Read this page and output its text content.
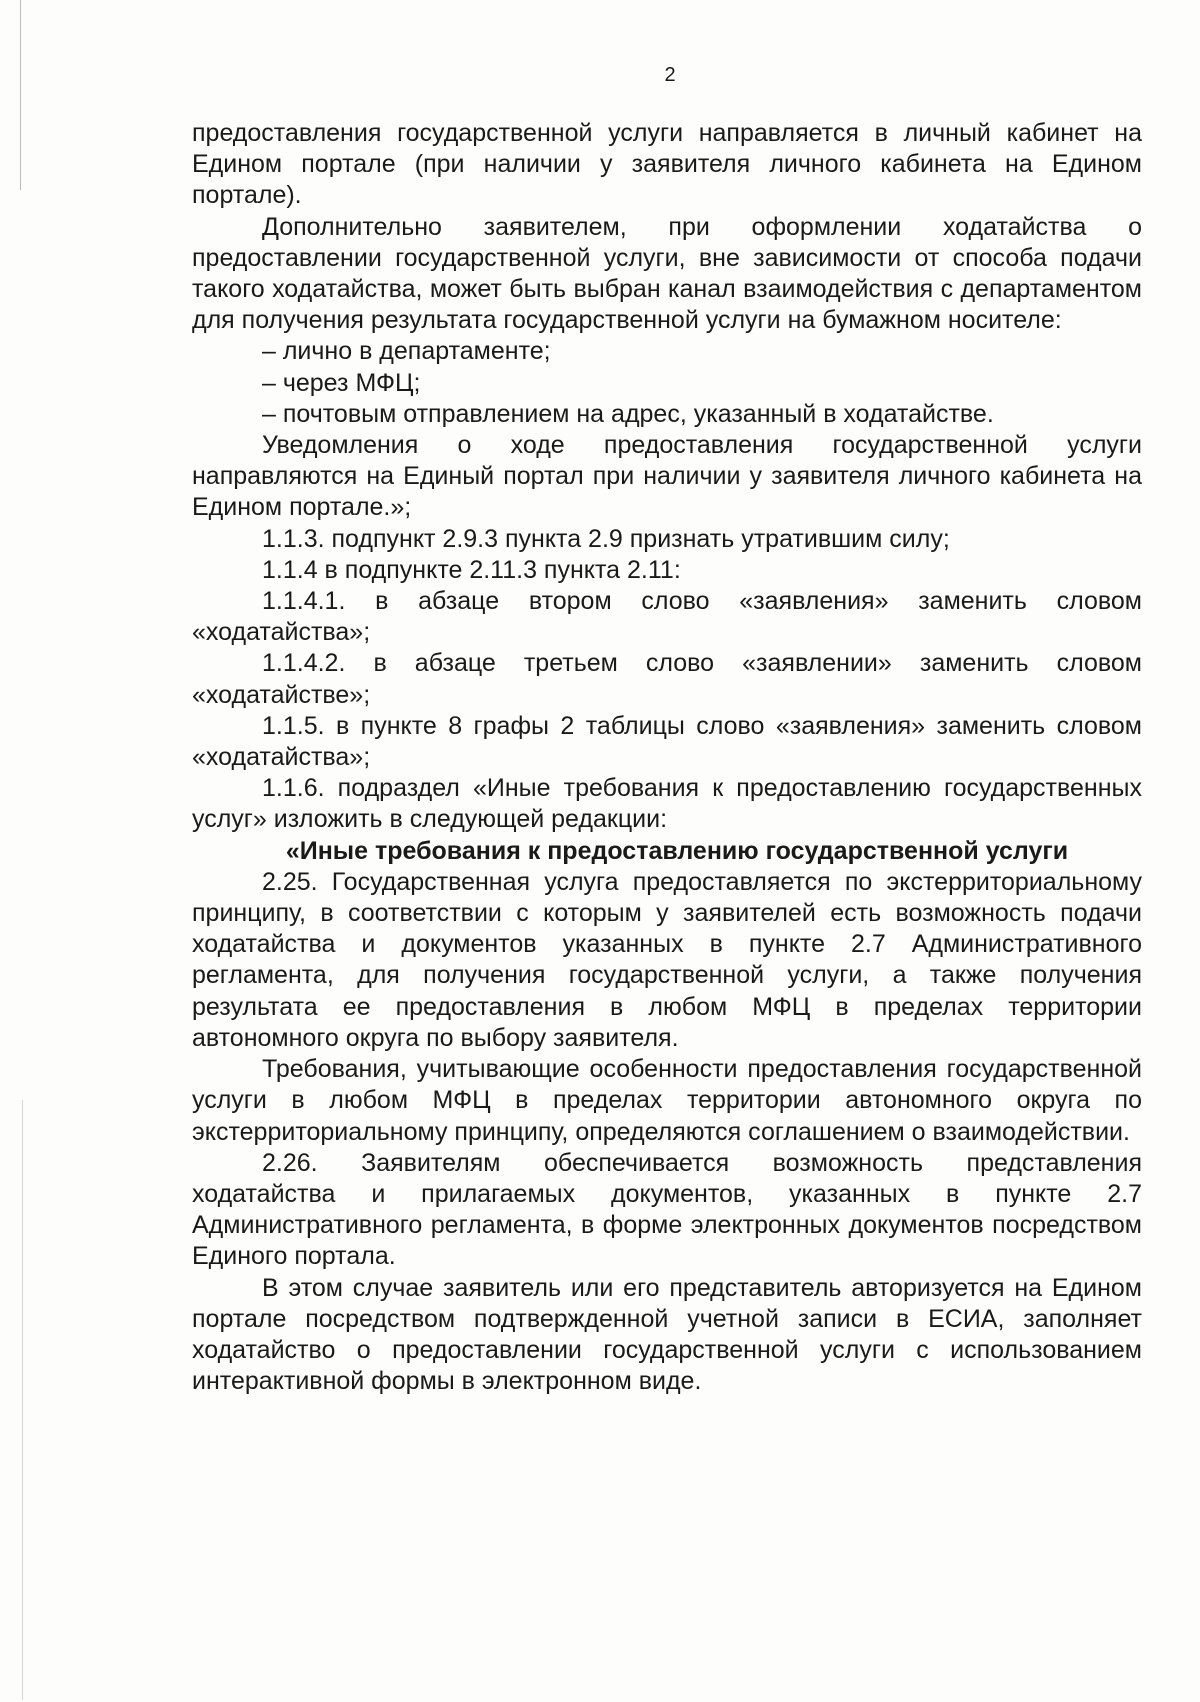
2

предоставления государственной услуги направляется в личный кабинет на Едином портале (при наличии у заявителя личного кабинета на Едином портале).

Дополнительно заявителем, при оформлении ходатайства о предоставлении государственной услуги, вне зависимости от способа подачи такого ходатайства, может быть выбран канал взаимодействия с департаментом для получения результата государственной услуги на бумажном носителе:

– лично в департаменте;

– через МФЦ;

– почтовым отправлением на адрес, указанный в ходатайстве.

Уведомления о ходе предоставления государственной услуги направляются на Единый портал при наличии у заявителя личного кабинета на Едином портале.»;

1.1.3. подпункт 2.9.3 пункта 2.9 признать утратившим силу;

1.1.4 в подпункте 2.11.3 пункта 2.11:

1.1.4.1. в абзаце втором слово «заявления» заменить словом «ходатайства»;

1.1.4.2. в абзаце третьем слово «заявлении» заменить словом «ходатайстве»;

1.1.5. в пункте 8 графы 2 таблицы слово «заявления» заменить словом «ходатайства»;

1.1.6. подраздел «Иные требования к предоставлению государственных услуг» изложить в следующей редакции:

«Иные требования к предоставлению государственной услуги

2.25. Государственная услуга предоставляется по экстерриториальному принципу, в соответствии с которым у заявителей есть возможность подачи ходатайства и документов указанных в пункте 2.7 Административного регламента, для получения государственной услуги, а также получения результата ее предоставления в любом МФЦ в пределах территории автономного округа по выбору заявителя.

Требования, учитывающие особенности предоставления государственной услуги в любом МФЦ в пределах территории автономного округа по экстерриториальному принципу, определяются соглашением о взаимодействии.

2.26. Заявителям обеспечивается возможность представления ходатайства и прилагаемых документов, указанных в пункте 2.7 Административного регламента, в форме электронных документов посредством Единого портала.

В этом случае заявитель или его представитель авторизуется на Едином портале посредством подтвержденной учетной записи в ЕСИА, заполняет ходатайство о предоставлении государственной услуги с использованием интерактивной формы в электронном виде.
